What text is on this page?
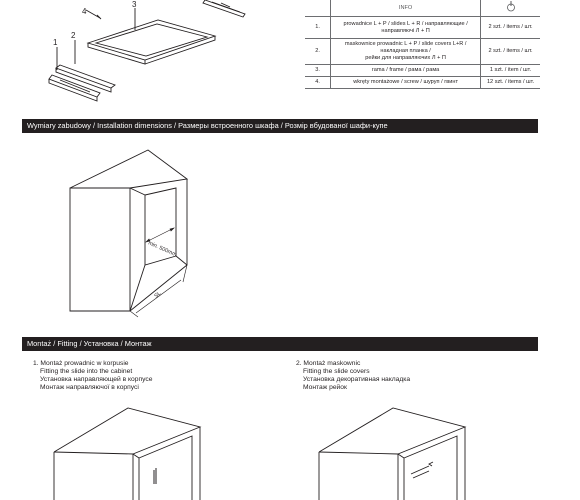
1
2
3
4
		INFO	
1.	prowadnice L + P / slides L + R / направляющие /
направляючі Л + П	2 szt. / items / шт.
2.	maskownice prowadnic L + P / slide covers L+R /
накладная планка /
рейки для направляючих Л + П	2 szt. / items / шт.
3.	rama / frame / рама / рама	1 szt. / item / шт.
4.	wkręty montażowe / screw / шуруп / гвинт	12 szt. / items / шт.
Wymiary zabudowy / Installation dimensions / Размеры встроенного шкафа / Розмір вбудованої шафи-купе
min. 500mm
SL
Montaż / Fitting / Установка / Монтаж
1. Montaż prowadnic w korpusie
Fitting the slide into the cabinet
Установка направляющей в корпусе
Монтаж направляючої в корпусі
2. Montaż maskownic
Fitting the slide covers
Установка декоративная накладка
Монтаж рейок
